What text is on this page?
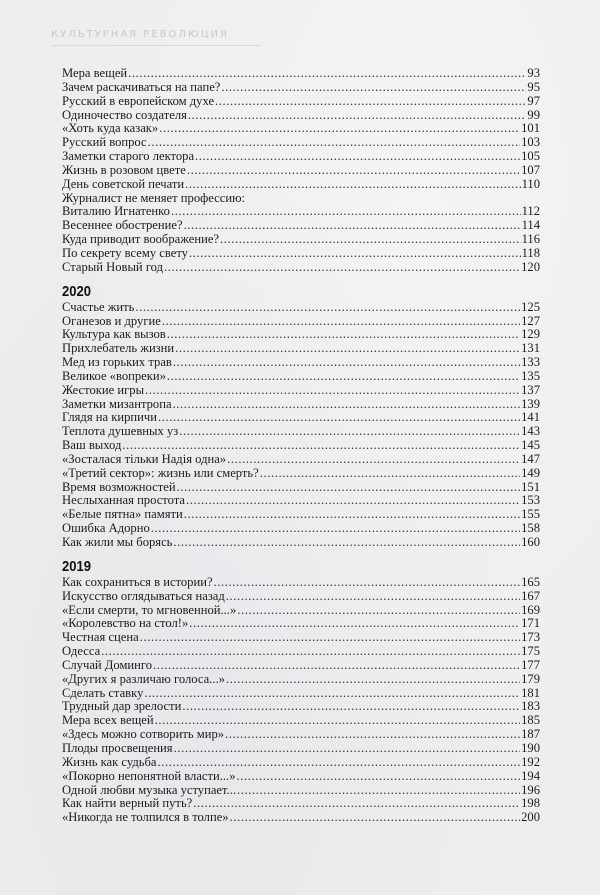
КУЛЬТУРНАЯ РЕВОЛЮЦИЯ
Мера вещей .....	93
Зачем раскачиваться на папе? .....	95
Русский в европейском духе .....	97
Одиночество создателя .....	99
«Хоть куда казак» .....	101
Русский вопрос .....	103
Заметки старого лектора .....	105
Жизнь в розовом цвете .....	107
День советской печати .....	110
Журналист не меняет профессию:
Виталию Игнатенко .....	112
Весеннее обострение? .....	114
Куда приводит воображение? .....	116
По секрету всему свету .....	118
Старый Новый год .....	120
2020
Счастье жить .....	125
Оганезов и другие .....	127
Культура как вызов .....	129
Прихлебатель жизни .....	131
Мед из горьких трав .....	133
Великое «вопреки» .....	135
Жестокие игры .....	137
Заметки мизантропа .....	139
Глядя на кирпичи .....	141
Теплота душевных уз .....	143
Ваш выход .....	145
«Зосталася тільки Надія одна» .....	147
«Третий сектор»: жизнь или смерть? .....	149
Время возможностей .....	151
Неслыханная простота .....	153
«Белые пятна» памяти .....	155
Ошибка Адорно .....	158
Как жили мы борясь .....	160
2019
Как сохраниться в истории? .....	165
Искусство оглядываться назад .....	167
«Если смерти, то мгновенной...» .....	169
«Королевство на стол!» .....	171
Честная сцена .....	173
Одесса .....	175
Случай Доминго .....	177
«Других я различаю голоса...» .....	179
Сделать ставку .....	181
Трудный дар зрелости .....	183
Мера всех вещей .....	185
«Здесь можно сотворить мир» .....	187
Плоды просвещения .....	190
Жизнь как судьба .....	192
«Покорно непонятной власти...» .....	194
Одной любви музыка уступает... .....	196
Как найти верный путь? .....	198
«Никогда не толпился в толпе» .....	200
